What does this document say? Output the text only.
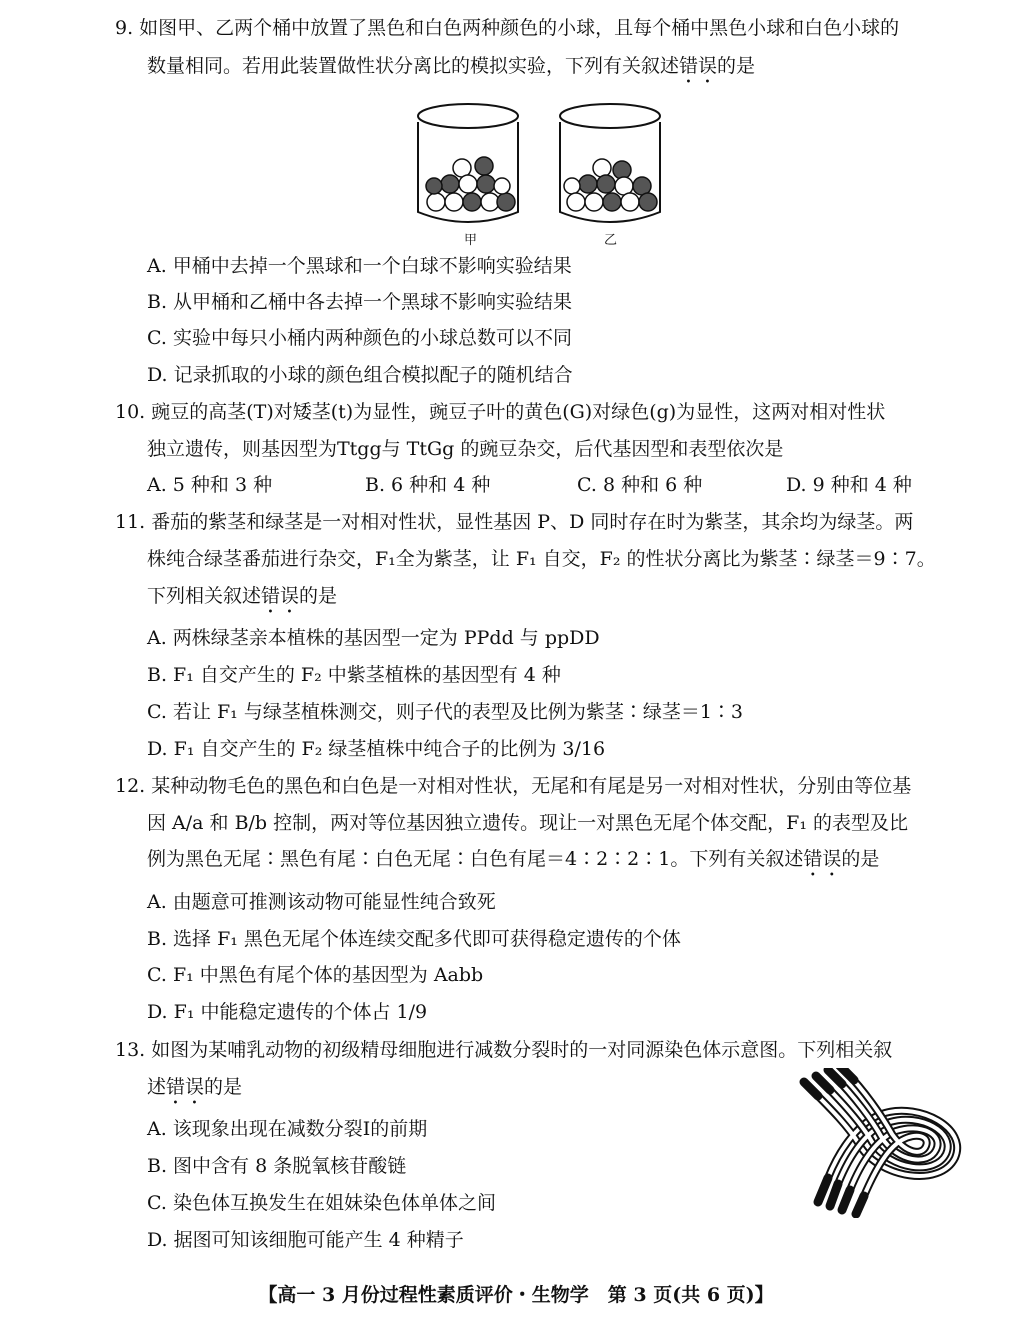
9. 如图甲、乙两个桶中放置了黑色和白色两种颜色的小球，且每个桶中黑色小球和白色小球的
数量相同。若用此装置做性状分离比的模拟实验，下列有关叙述错误的是
甲	乙
A. 甲桶中去掉一个黑球和一个白球不影响实验结果
B. 从甲桶和乙桶中各去掉一个黑球不影响实验结果
C. 实验中每只小桶内两种颜色的小球总数可以不同
D. 记录抓取的小球的颜色组合模拟配子的随机结合
10. 豌豆的高茎(T)对矮茎(t)为显性，豌豆子叶的黄色(G)对绿色(g)为显性，这两对相对性状
独立遗传，则基因型为Ttgg与 TtGg 的豌豆杂交，后代基因型和表型依次是
A. 5 种和 3 种	B. 6 种和 4 种	C. 8 种和 6 种	D. 9 种和 4 种
11. 番茄的紫茎和绿茎是一对相对性状，显性基因 P、D 同时存在时为紫茎，其余均为绿茎。两
株纯合绿茎番茄进行杂交，F₁全为紫茎，让 F₁ 自交，F₂ 的性状分离比为紫茎∶绿茎＝9∶7。
下列相关叙述错误的是
A. 两株绿茎亲本植株的基因型一定为 PPdd 与 ppDD
B. F₁ 自交产生的 F₂ 中紫茎植株的基因型有 4 种
C. 若让 F₁ 与绿茎植株测交，则子代的表型及比例为紫茎∶绿茎＝1∶3
D. F₁ 自交产生的 F₂ 绿茎植株中纯合子的比例为 3/16
12. 某种动物毛色的黑色和白色是一对相对性状，无尾和有尾是另一对相对性状，分别由等位基
因 A/a 和 B/b 控制，两对等位基因独立遗传。现让一对黑色无尾个体交配，F₁ 的表型及比
例为黑色无尾∶黑色有尾∶白色无尾∶白色有尾＝4∶2∶2∶1。下列有关叙述错误的是
A. 由题意可推测该动物可能显性纯合致死
B. 选择 F₁ 黑色无尾个体连续交配多代即可获得稳定遗传的个体
C. F₁ 中黑色有尾个体的基因型为 Aabb
D. F₁ 中能稳定遗传的个体占 1/9
13. 如图为某哺乳动物的初级精母细胞进行减数分裂时的一对同源染色体示意图。下列相关叙
述错误的是
A. 该现象出现在减数分裂Ⅰ的前期
B. 图中含有 8 条脱氧核苷酸链
C. 染色体互换发生在姐妹染色体单体之间
D. 据图可知该细胞可能产生 4 种精子
【高一 3 月份过程性素质评价・生物学　第 3 页(共 6 页)】
